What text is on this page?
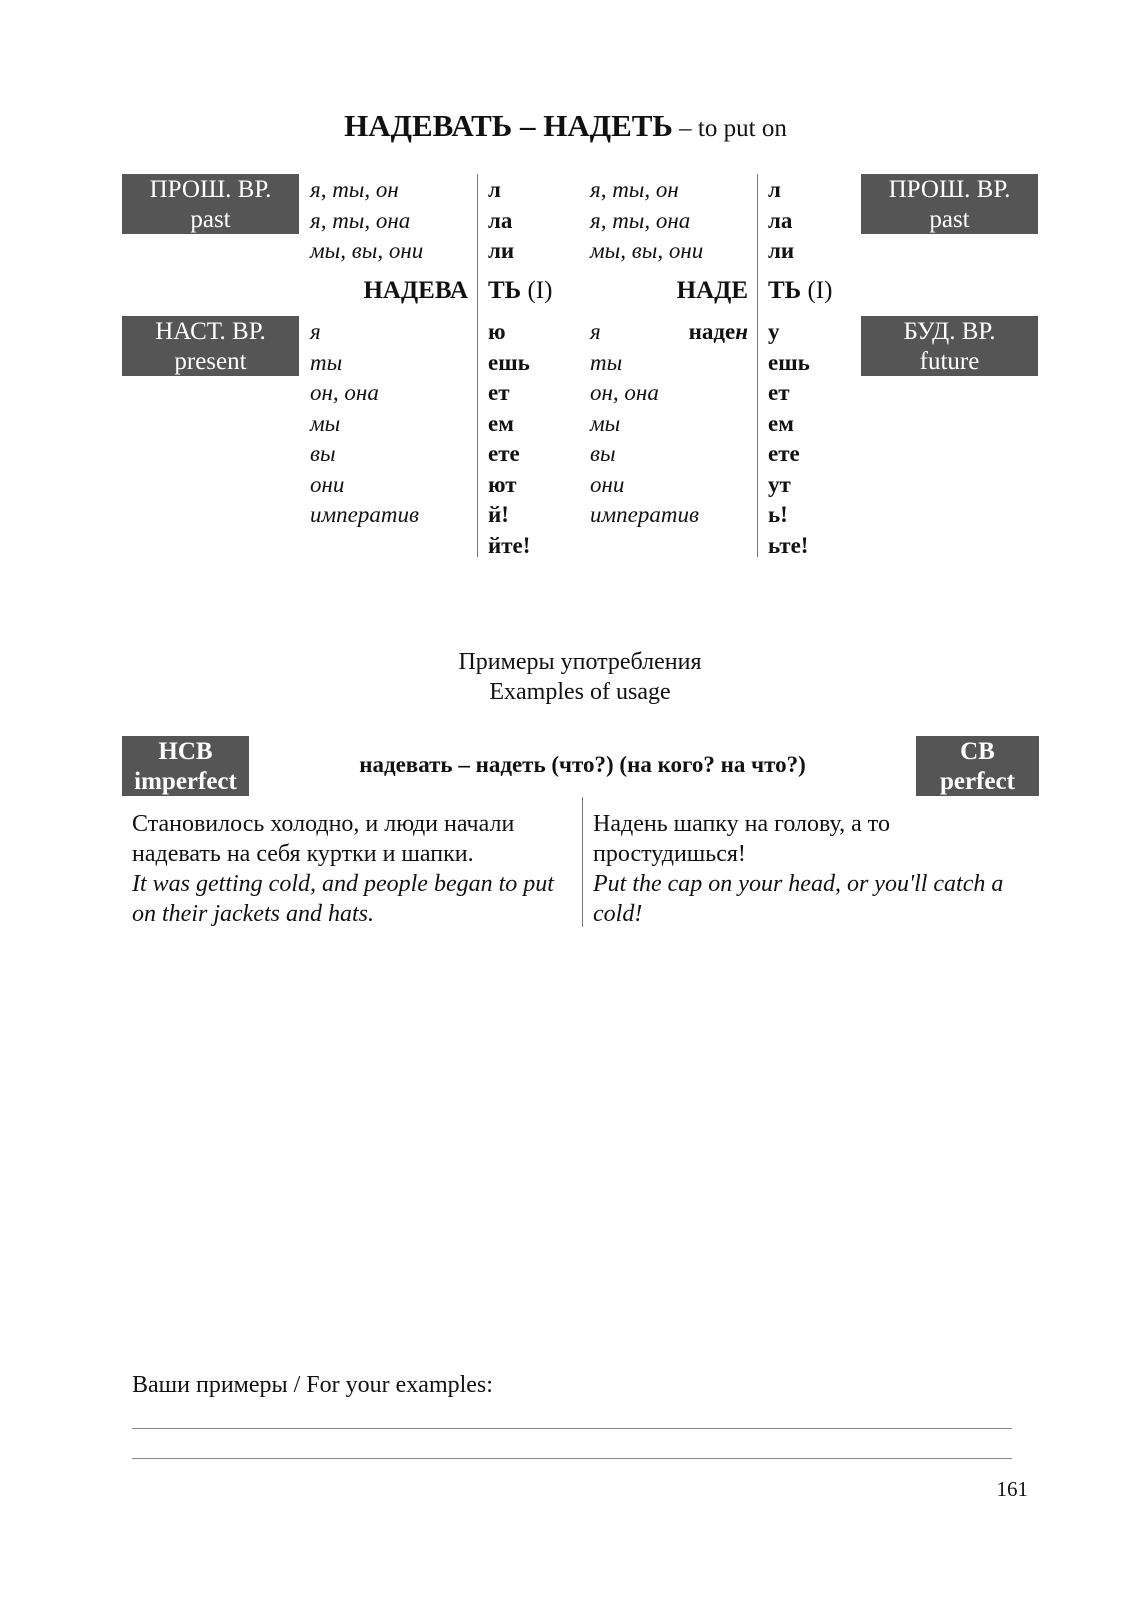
НАДЕВАТЬ – НАДЕТЬ – to put on
ПРОШ. ВР.
past
ПРОШ. ВР.
past
НАСТ. ВР.
present
БУД. ВР.
future
я, ты, он
я, ты, она
мы, вы, они
л
ла
ли
я, ты, он
я, ты, она
мы, вы, они
л
ла
ли
НАДЕВА ТЬ (I)	НАДЕ ТЬ (I)
я
ты
он, она
мы
вы
они
императив
ю
ешь
ет
ем
ете
ют
й!
йте!
я
ты
он, она
мы
вы
они
императив
наден у
ешь
ет
ем
ете
ут
ь!
ьте!
Примеры употребления
Examples of usage
НСВ
imperfect
СВ
perfect
надевать – надеть (что?) (на кого? на что?)
Становилось холодно, и люди начали надевать на себя куртки и шапки.
It was getting cold, and people began to put on their jackets and hats.
Надень шапку на голову, а то простудишься!
Put the cap on your head, or you'll catch a cold!
Ваши примеры / For your examples:
161
